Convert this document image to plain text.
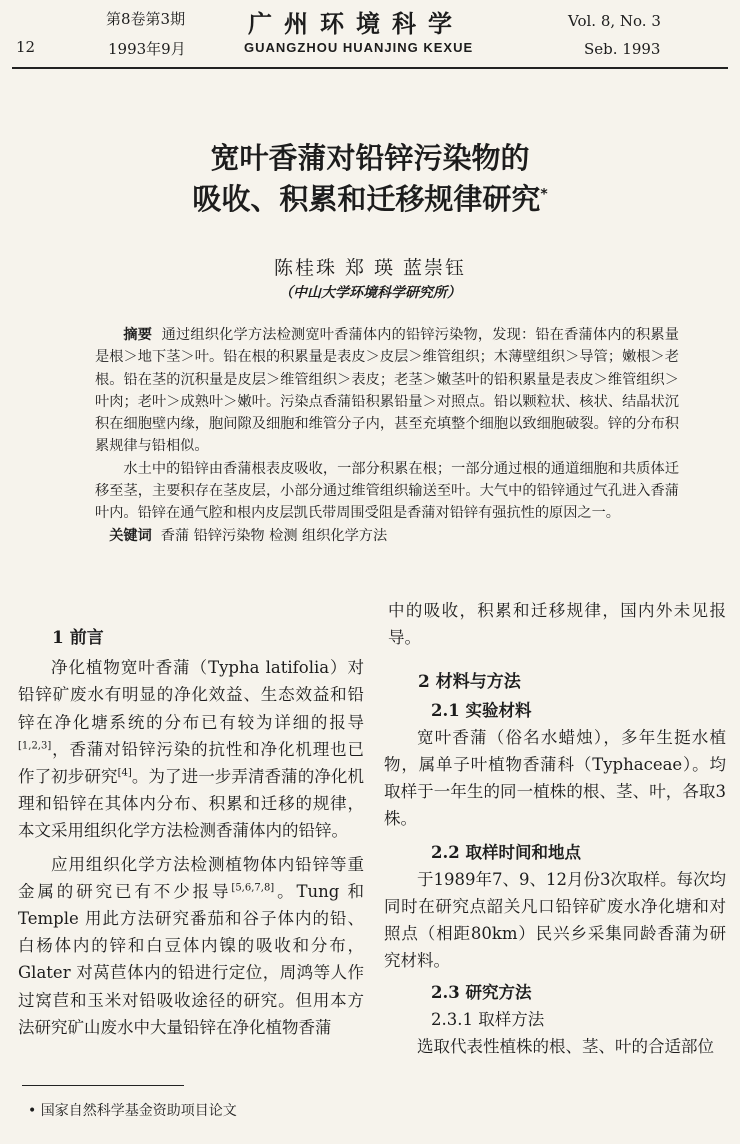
第8卷第3期
12	1993年9月
广州环境科学
GUANGZHOU HUANJING KEXUE
Vol. 8, No. 3
Seb. 1993
宽叶香蒲对铅锌污染物的
吸收、积累和迁移规律研究*
陈桂珠 郑 瑛 蓝崇钰
（中山大学环境科学研究所）

摘要 通过组织化学方法检测宽叶香蒲体内的铅锌污染物，发现：铅在香蒲体内的积累量是根＞地下茎＞叶。铅在根的积累量是表皮＞皮层＞维管组织；木薄壁组织＞导管；嫩根＞老根。铅在茎的沉积量是皮层＞维管组织＞表皮；老茎＞嫩茎叶的铅积累量是表皮＞维管组织＞叶肉；老叶＞成熟叶＞嫩叶。污染点香蒲铅积累铅量＞对照点。铅以颗粒状、核状、结晶状沉积在细胞壁内缘，胞间隙及细胞和维管分子内，甚至充填整个细胞以致细胞破裂。锌的分布积累规律与铅相似。

水土中的铅锌由香蒲根表皮吸收，一部分积累在根；一部分通过根的通道细胞和共质体迁移至茎，主要积存在茎皮层，小部分通过维管组织输送至叶。大气中的铅锌通过气孔进入香蒲叶内。铅锌在通气腔和根内皮层凯氏带周围受阻是香蒲对铅锌有强抗性的原因之一。

关键词 香蒲 铅锌污染物 检测 组织化学方法

1 前言

净化植物宽叶香蒲（Typha latifolia）对铅锌矿废水有明显的净化效益、生态效益和铅锌在净化塘系统的分布已有较为详细的报导[1,2,3]，香蒲对铅锌污染的抗性和净化机理也已作了初步研究[4]。为了进一步弄清香蒲的净化机理和铅锌在其体内分布、积累和迁移的规律，本文采用组织化学方法检测香蒲体内的铅锌。

应用组织化学方法检测植物体内铅锌等重金属的研究已有不少报导[5,6,7,8]。Tung 和 Temple 用此方法研究番茄和谷子体内的铅、白杨体内的锌和白豆体内镍的吸收和分布，Glater 对莴苣体内的铅进行定位，周鸿等人作过窝苣和玉米对铅吸收途径的研究。但用本方法研究矿山废水中大量铅锌在净化植物香蒲

中的吸收，积累和迁移规律，国内外未见报导。

2 材料与方法

2.1 实验材料

宽叶香蒲（俗名水蜡烛），多年生挺水植物，属单子叶植物香蒲科（Typhaceae）。均取样于一年生的同一植株的根、茎、叶，各取3株。

2.2 取样时间和地点

于1989年7、9、12月份3次取样。每次均同时在研究点韶关凡口铅锌矿废水净化塘和对照点（相距80km）民兴乡采集同龄香蒲为研究材料。

2.3 研究方法

2.3.1 取样方法

选取代表性植株的根、茎、叶的合适部位

• 国家自然科学基金资助项目论文
